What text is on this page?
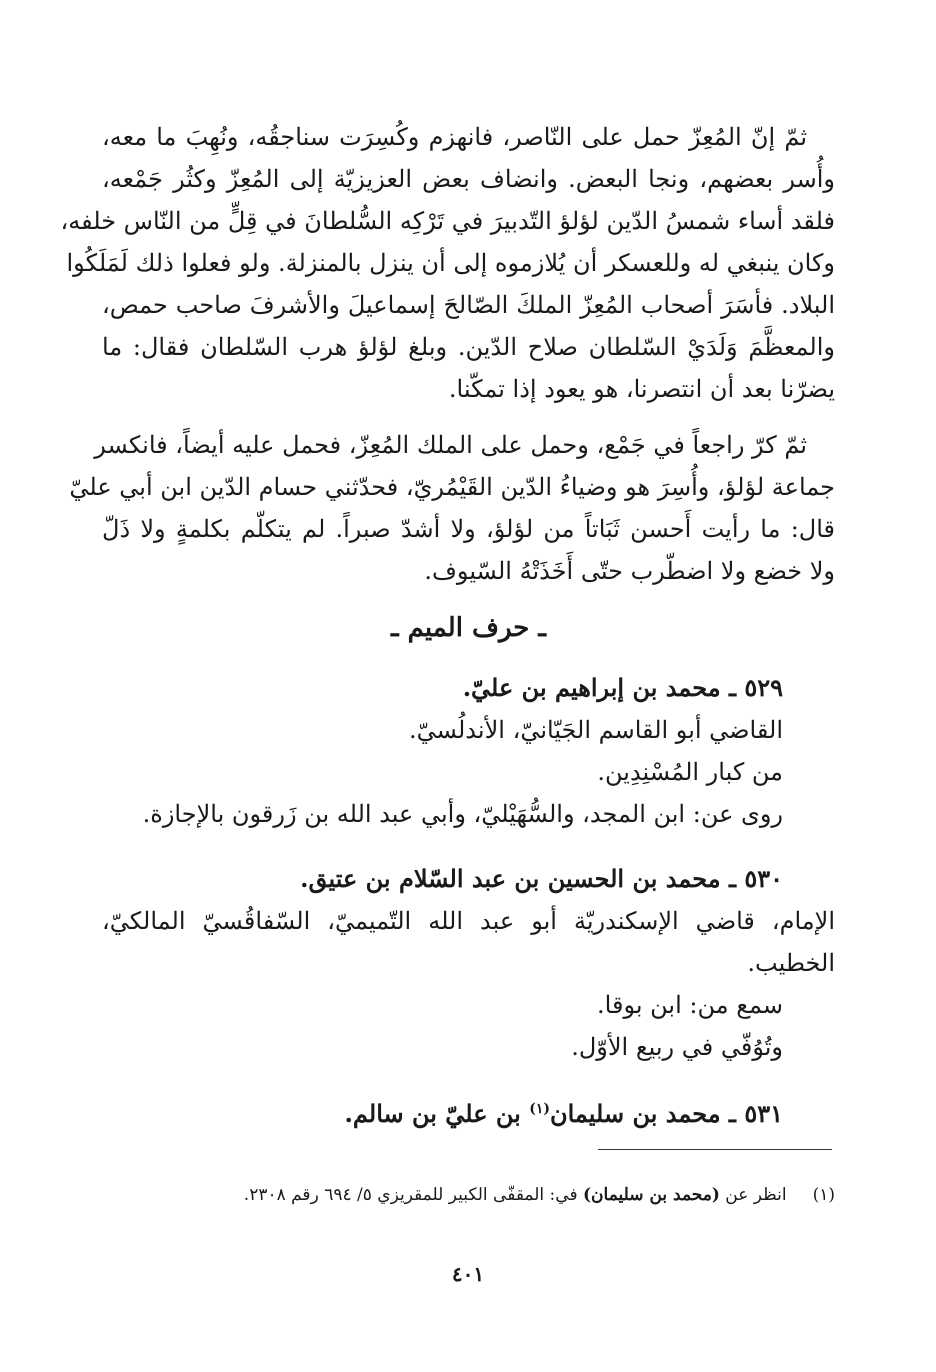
ثمّ إنّ المُعِزّ حمل على النّاصر، فانهزم وكُسِرَت سناجقُه، ونُهِبَ ما معه،
وأُسر بعضهم، ونجا البعض. وانضاف بعض العزيزيّة إلى المُعِزّ وكثُر جَمْعه،
فلقد أساء شمسُ الدّين لؤلؤ التّدبيرَ في تَرْكِه السُّلطانَ في قِلٍّ من النّاس خلفه،
وكان ينبغي له وللعسكر أن يُلازموه إلى أن ينزل بالمنزلة. ولو فعلوا ذلك لَمَلَكُوا
البلاد. فأسَرَ أصحاب المُعِزّ الملكَ الصّالحَ إسماعيلَ والأشرفَ صاحب حمص،
والمعظَّمَ وَلَدَيْ السّلطان صلاح الدّين. وبلغ لؤلؤ هرب السّلطان فقال: ما
يضرّنا بعد أن انتصرنا، هو يعود إذا تمكّنا.
ثمّ كرّ راجعاً في جَمْع، وحمل على الملك المُعِزّ، فحمل عليه أيضاً، فانكسر
جماعة لؤلؤ، وأُسِرَ هو وضياءُ الدّين القَيْمُريّ، فحدّثني حسام الدّين ابن أبي عليّ
قال: ما رأيت أَحسن ثَبَاتاً من لؤلؤ، ولا أشدّ صبراً. لم يتكلّم بكلمةٍ ولا ذَلّ
ولا خضع ولا اضطّرب حتّى أَخَذَتْهُ السّيوف.
ـ حرف الميم ـ
٥٢٩ ـ محمد بن إبراهيم بن عليّ.
القاضي أبو القاسم الجَيّانيّ، الأندلُسيّ.
من كبار المُسْنِدِين.
روى عن: ابن المجد، والسُّهَيْليّ، وأبي عبد الله بن زَرقون بالإجازة.
٥٣٠ ـ محمد بن الحسين بن عبد السّلام بن عتيق.
الإمام، قاضي الإسكندريّة أبو عبد الله التّميميّ، السّفاقُسيّ المالكيّ،
الخطيب.
سمع من: ابن بوقا.
وتُوُفّي في ربيع الأوّل.
٥٣١ ـ محمد بن سليمان$^{(١)}$ بن عليّ بن سالم.
(١)انظر عن (محمد بن سليمان) في: المقفّى الكبير للمقريزي ٥/ ٦٩٤ رقم ٢٣٠٨.
٤٠١
